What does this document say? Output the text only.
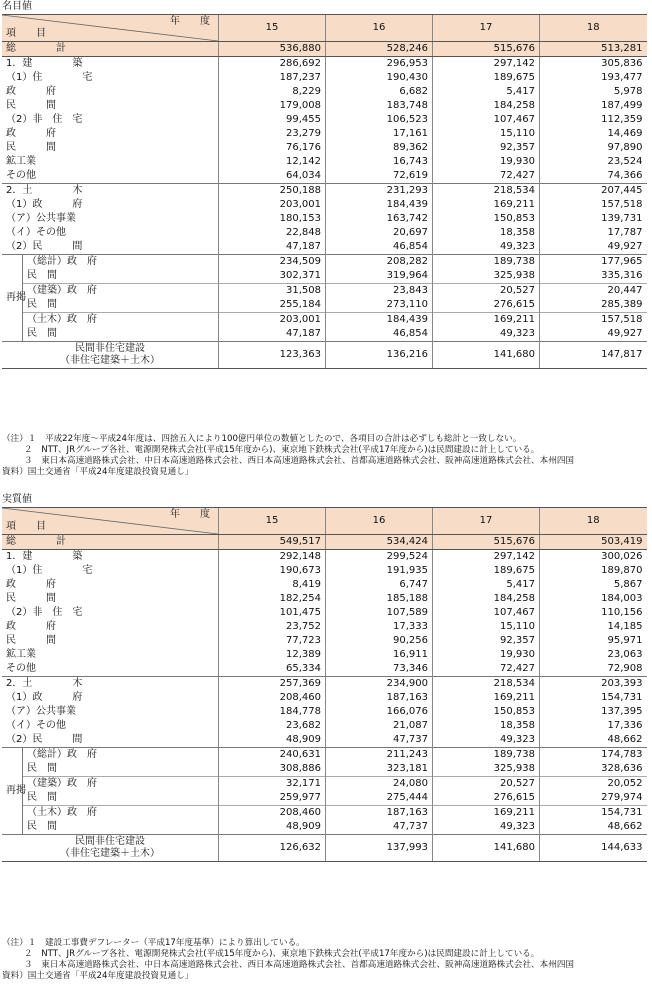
名目値
年　　度
項　　目		15	16	17	18
総　　　　計		536,880	528,246	515,676	513,281
1．建　　　　築		286,692	296,953	297,142	305,836
（1）住　　　　宅		187,237	190,430	189,675	193,477
政　　　府		8,229	6,682	5,417	5,978
民　　　間		179,008	183,748	184,258	187,499
（2）非　住　宅		99,455	106,523	107,467	112,359
政　　　府		23,279	17,161	15,110	14,469
民　　　間		76,176	89,362	92,357	97,890
鉱工業		12,142	16,743	19,930	23,524
その他		64,034	72,619	72,427	74,366
2．土　　　　木		250,188	231,293	218,534	207,445
（1）政　　　府		203,001	184,439	169,211	157,518
（ア）公共事業		180,153	163,742	150,853	139,731
（イ）その他		22,848	20,697	18,358	17,787
（2）民　　　間		47,187	46,854	49,323	49,927

再掲	（総計）政　府	234,509	208,282	189,738	177,965
	民　間	302,371	319,964	325,938	335,316
	（建築）政　府	31,508	23,843	20,527	20,447
	民　間	255,184	273,110	276,615	285,389
	（土木）政　府	203,001	184,439	169,211	157,518
	民　間	47,187	46,854	49,323	49,927
民間非住宅建設
（非住宅建築＋土木）		123,363	136,216	141,680	147,817
（注）１　平成22年度〜平成24年度は、四捨五入により100億円単位の数値としたので、各項目の合計は必ずしも総計と一致しない。
２　NTT、JRグループ各社、電源開発株式会社(平成15年度から)、東京地下鉄株式会社(平成17年度から)は民間建設に計上している。
３　東日本高速道路株式会社、中日本高速道路株式会社、西日本高速道路株式会社、首都高速道路株式会社、阪神高速道路株式会社、本州四国
資料）国土交通省「平成24年度建設投資見通し」
実質値
年　　度
項　　目		15	16	17	18
総　　　　計		549,517	534,424	515,676	503,419
1．建　　　　築		292,148	299,524	297,142	300,026
（1）住　　　　宅		190,673	191,935	189,675	189,870
政　　　府		8,419	6,747	5,417	5,867
民　　　間		182,254	185,188	184,258	184,003
（2）非　住　宅		101,475	107,589	107,467	110,156
政　　　府		23,752	17,333	15,110	14,185
民　　　間		77,723	90,256	92,357	95,971
鉱工業		12,389	16,911	19,930	23,063
その他		65,334	73,346	72,427	72,908
2．土　　　　木		257,369	234,900	218,534	203,393
（1）政　　　府		208,460	187,163	169,211	154,731
（ア）公共事業		184,778	166,076	150,853	137,395
（イ）その他		23,682	21,087	18,358	17,336
（2）民　　　間		48,909	47,737	49,323	48,662

再掲	（総計）政　府	240,631	211,243	189,738	174,783
	民　間	308,886	323,181	325,938	328,636
	（建築）政　府	32,171	24,080	20,527	20,052
	民　間	259,977	275,444	276,615	279,974
	（土木）政　府	208,460	187,163	169,211	154,731
	民　間	48,909	47,737	49,323	48,662
民間非住宅建設
（非住宅建築＋土木）		126,632	137,993	141,680	144,633
（注）１　建設工事費デフレーター（平成17年度基準）により算出している。
２　NTT、JRグループ各社、電源開発株式会社(平成15年度から)、東京地下鉄株式会社(平成17年度から)は民間建設に計上している。
３　東日本高速道路株式会社、中日本高速道路株式会社、西日本高速道路株式会社、首都高速道路株式会社、阪神高速道路株式会社、本州四国
資料）国土交通省「平成24年度建設投資見通し」
